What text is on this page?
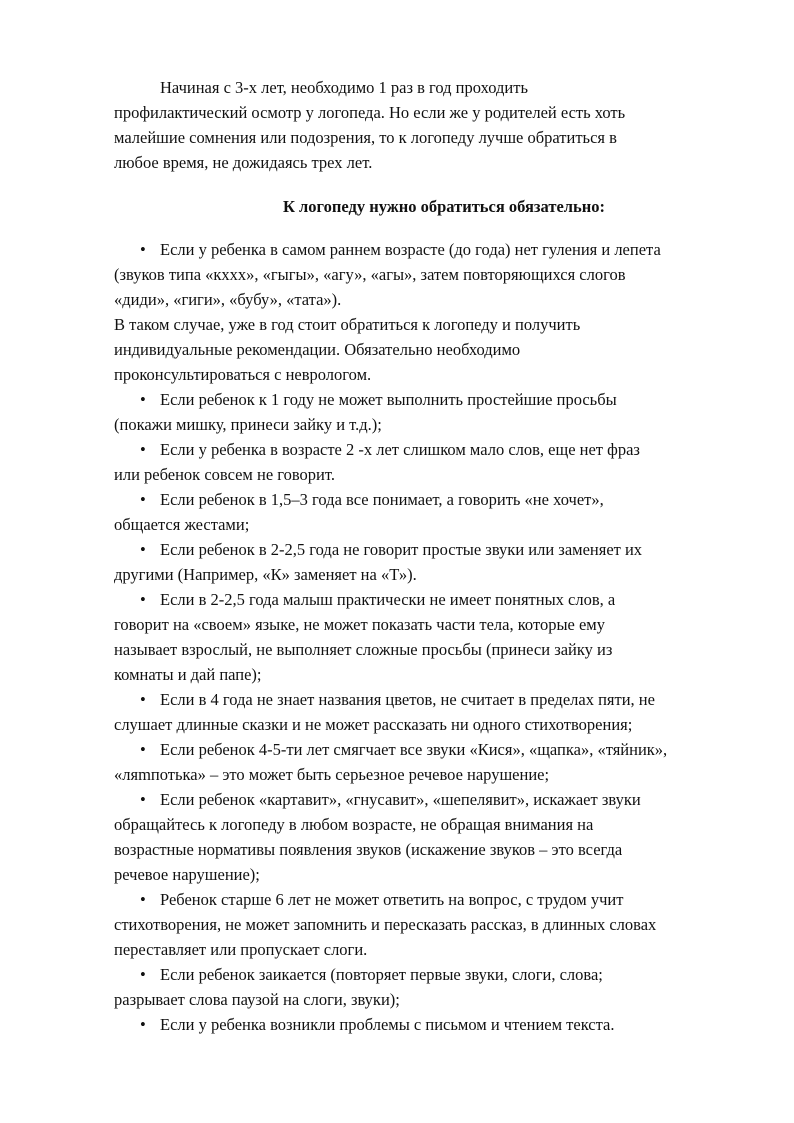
Начиная с 3-х лет, необходимо 1 раз в год проходить
профилактический осмотр у логопеда. Но если же у родителей есть хоть
малейшие сомнения или подозрения, то к логопеду лучше обратиться в
любое время, не дожидаясь трех лет.
К логопеду нужно обратиться обязательно:
• Если у ребенка в самом раннем возрасте (до года) нет гуления и лепета
(звуков типа «кххх», «гыгы», «агу», «агы», затем повторяющихся слогов
«диди», «гиги», «бубу», «тата»).
В таком случае, уже в год стоит обратиться к логопеду и получить
индивидуальные рекомендации. Обязательно необходимо
проконсультироваться с неврологом.
• Если ребенок к 1 году не может выполнить простейшие просьбы
(покажи мишку, принеси зайку и т.д.);
• Если у ребенка в возрасте 2 -х лет слишком мало слов, еще нет фраз
или ребенок совсем не говорит.
• Если ребенок в 1,5–3 года все понимает, а говорить «не хочет»,
общается жестами;
• Если ребенок в 2-2,5 года не говорит простые звуки или заменяет их
другими (Например, «К» заменяет на «Т»).
• Если в 2-2,5 года малыш практически не имеет понятных слов, а
говорит на «своем» языке, не может показать части тела, которые ему
называет взрослый, не выполняет сложные просьбы (принеси зайку из
комнаты и дай папе);
• Если в 4 года не знает названия цветов, не считает в пределах пяти, не
слушает длинные сказки и не может рассказать ни одного стихотворения;
• Если ребенок 4-5-ти лет смягчает все звуки «Кися», «щапка», «тяйник»,
«ляmпотька» – это может быть серьезное речевое нарушение;
• Если ребенок «картавит», «гнусавит», «шепелявит», искажает звуки
обращайтесь к логопеду в любом возрасте, не обращая внимания на
возрастные нормативы появления звуков (искажение звуков – это всегда
речевое нарушение);
• Ребенок старше 6 лет не может ответить на вопрос, с трудом учит
стихотворения, не может запомнить и пересказать рассказ, в длинных словах
переставляет или пропускает слоги.
• Если ребенок заикается (повторяет первые звуки, слоги, слова;
разрывает слова паузой на слоги, звуки);
• Если у ребенка возникли проблемы с письмом и чтением текста.
